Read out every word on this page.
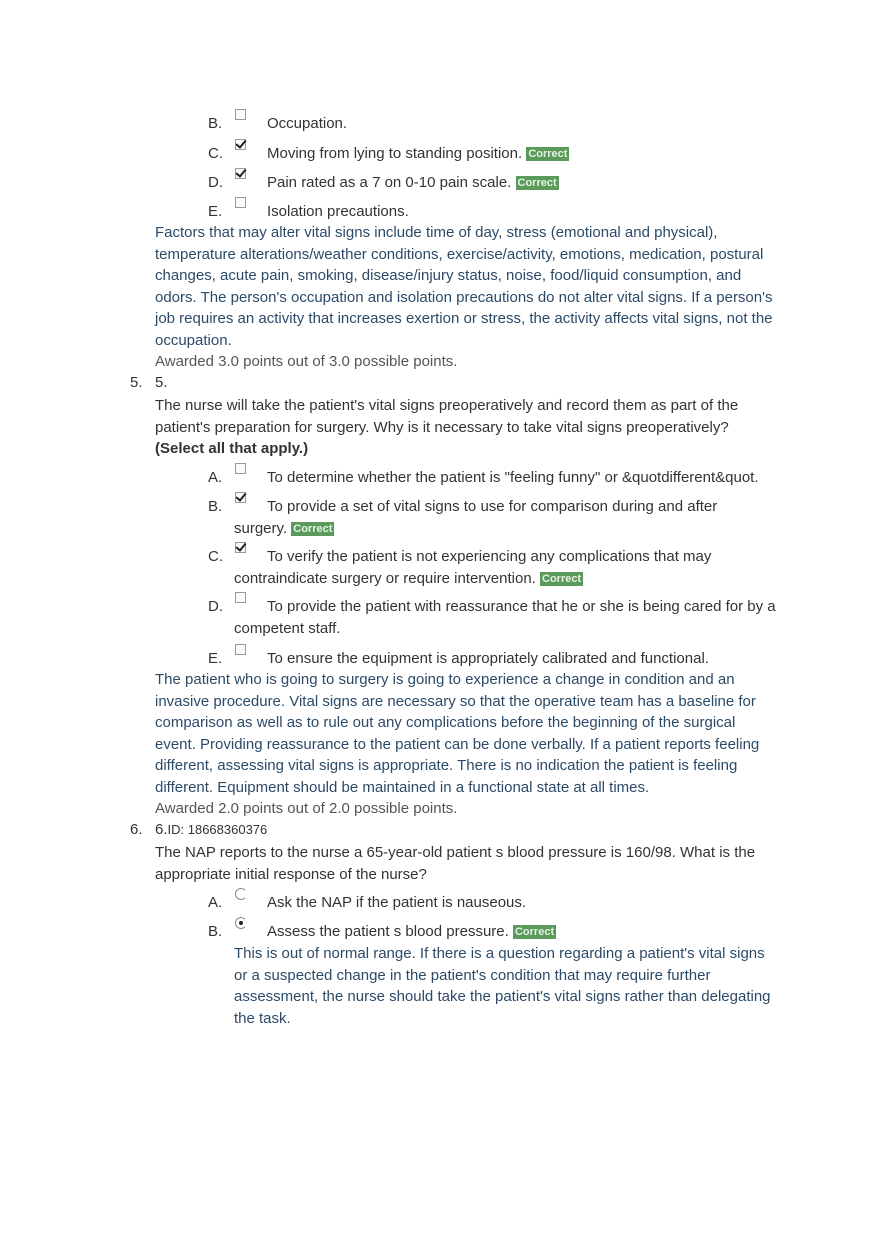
B.	Occupation.
C.	Moving from lying to standing position. Correct
D.	Pain rated as a 7 on 0-10 pain scale. Correct
E.	Isolation precautions.
Factors that may alter vital signs include time of day, stress (emotional and physical), temperature alterations/weather conditions, exercise/activity, emotions, medication, postural changes, acute pain, smoking, disease/injury status, noise, food/liquid consumption, and odors. The person's occupation and isolation precautions do not alter vital signs. If a person's job requires an activity that increases exertion or stress, the activity affects vital signs, not the occupation.
Awarded 3.0 points out of 3.0 possible points.
5. 5.
The nurse will take the patient's vital signs preoperatively and record them as part of the patient's preparation for surgery. Why is it necessary to take vital signs preoperatively? (Select all that apply.)
A.	To determine whether the patient is "feeling funny" or &quotdifferent&quot.
B.	To provide a set of vital signs to use for comparison during and after surgery. Correct
C.	To verify the patient is not experiencing any complications that may contraindicate surgery or require intervention. Correct
D.	To provide the patient with reassurance that he or she is being cared for by a competent staff.
E.	To ensure the equipment is appropriately calibrated and functional.
The patient who is going to surgery is going to experience a change in condition and an invasive procedure. Vital signs are necessary so that the operative team has a baseline for comparison as well as to rule out any complications before the beginning of the surgical event. Providing reassurance to the patient can be done verbally. If a patient reports feeling different, assessing vital signs is appropriate. There is no indication the patient is feeling different. Equipment should be maintained in a functional state at all times.
Awarded 2.0 points out of 2.0 possible points.
6. 6.ID: 18668360376
The NAP reports to the nurse a 65-year-old patient s blood pressure is 160/98. What is the appropriate initial response of the nurse?
A.	Ask the NAP if the patient is nauseous.
B.	Assess the patient s blood pressure. Correct
This is out of normal range. If there is a question regarding a patient's vital signs or a suspected change in the patient's condition that may require further assessment, the nurse should take the patient's vital signs rather than delegating the task.
